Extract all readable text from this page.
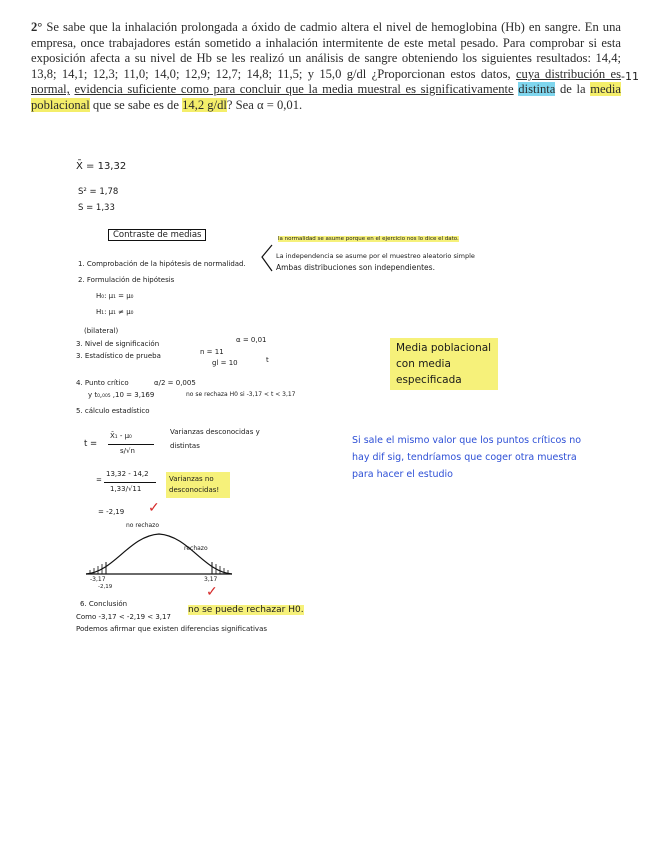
2° Se sabe que la inhalación prolongada a óxido de cadmio altera el nivel de hemoglobina (Hb) en sangre. En una empresa, once trabajadores están sometido a inhalación intermitente de este metal pesado. Para comprobar si esta exposición afecta a su nivel de Hb se les realizó un análisis de sangre obteniendo los siguientes resultados: 14,4; 13,8; 14,1; 12,3; 11,0; 14,0; 12,9; 12,7; 14,8; 11,5; y 15,0 g/dl ¿Proporcionan estos datos, cuya distribución es normal, evidencia suficiente como para concluir que la media muestral es significativamente distinta de la media poblacional que se sabe es de 14,2 g/dl? Sea α = 0,01.
-11
X̄ = 13,32
S² = 1,78
S = 1,33
Contraste de medias
1. Comprobación de la hipótesis de normalidad.
la normalidad se asume porque en el ejercicio nos lo dice el dato.
La independencia se asume por el muestreo aleatorio simple
Ambas distribuciones son independientes.
2. Formulación de hipótesis
H₀: μ₁ = μ₀
H₁: μ₁ ≠ μ₀
(bilateral)
3. Nivel de significación	α = 0,01
3. Estadístico de prueba	n = 11
gl = 10	t
4. Punto crítico	α/2 = 0,005
y t₀,₀₀₅ ,10 = 3,169	no se rechaza H0 si -3,17 < t < 3,17
5. cálculo estadístico
t =
X̄₁ - μ₀
s/√n
Varianzas desconocidas y distintas
=
13,32 - 14,2
1,33/√11
= -2,19
Varianzas no desconocidas!
✓
no rechazo
rechazo
-3,17
-2,19
3,17
✓
6. Conclusión
Como -3,17 < -2,19 < 3,17
no se puede rechazar H0.
Podemos afirmar que existen diferencias significativas
Media poblacional con media especificada
Si sale el mismo valor que los puntos críticos no hay dif sig, tendríamos que coger otra muestra para hacer el estudio
